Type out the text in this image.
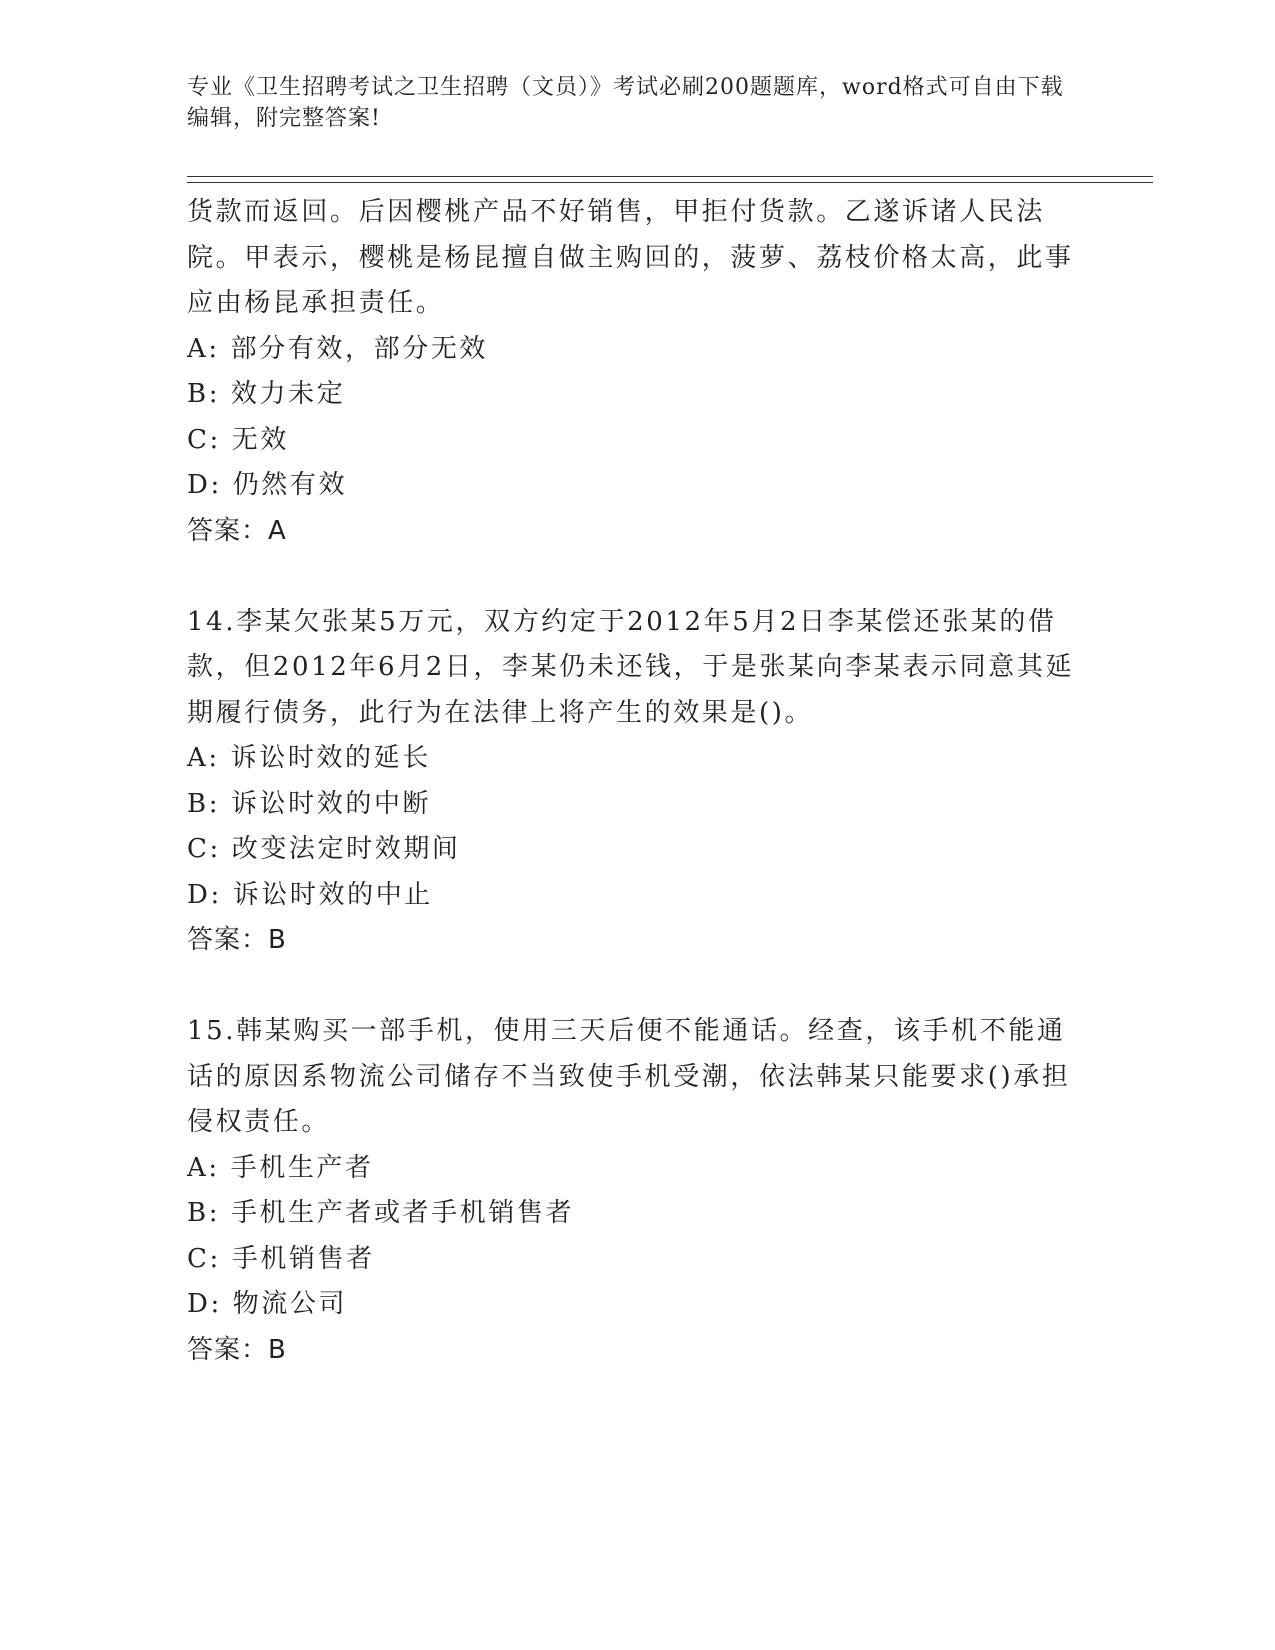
专业《卫生招聘考试之卫生招聘（文员）》考试必刷200题题库，word格式可自由下载编辑，附完整答案!

货款而返回。后因樱桃产品不好销售，甲拒付货款。乙遂诉诸人民法院。甲表示，樱桃是杨昆擅自做主购回的，菠萝、荔枝价格太高，此事应由杨昆承担责任。

A: 部分有效，部分无效
B: 效力未定
C: 无效
D: 仍然有效
答案：A

14.李某欠张某5万元，双方约定于2012年5月2日李某偿还张某的借款，但2012年6月2日，李某仍未还钱，于是张某向李某表示同意其延期履行债务，此行为在法律上将产生的效果是()。

A: 诉讼时效的延长
B: 诉讼时效的中断
C: 改变法定时效期间
D: 诉讼时效的中止
答案：B

15.韩某购买一部手机，使用三天后便不能通话。经查，该手机不能通话的原因系物流公司储存不当致使手机受潮，依法韩某只能要求()承担侵权责任。

A: 手机生产者
B: 手机生产者或者手机销售者
C: 手机销售者
D: 物流公司
答案：B
